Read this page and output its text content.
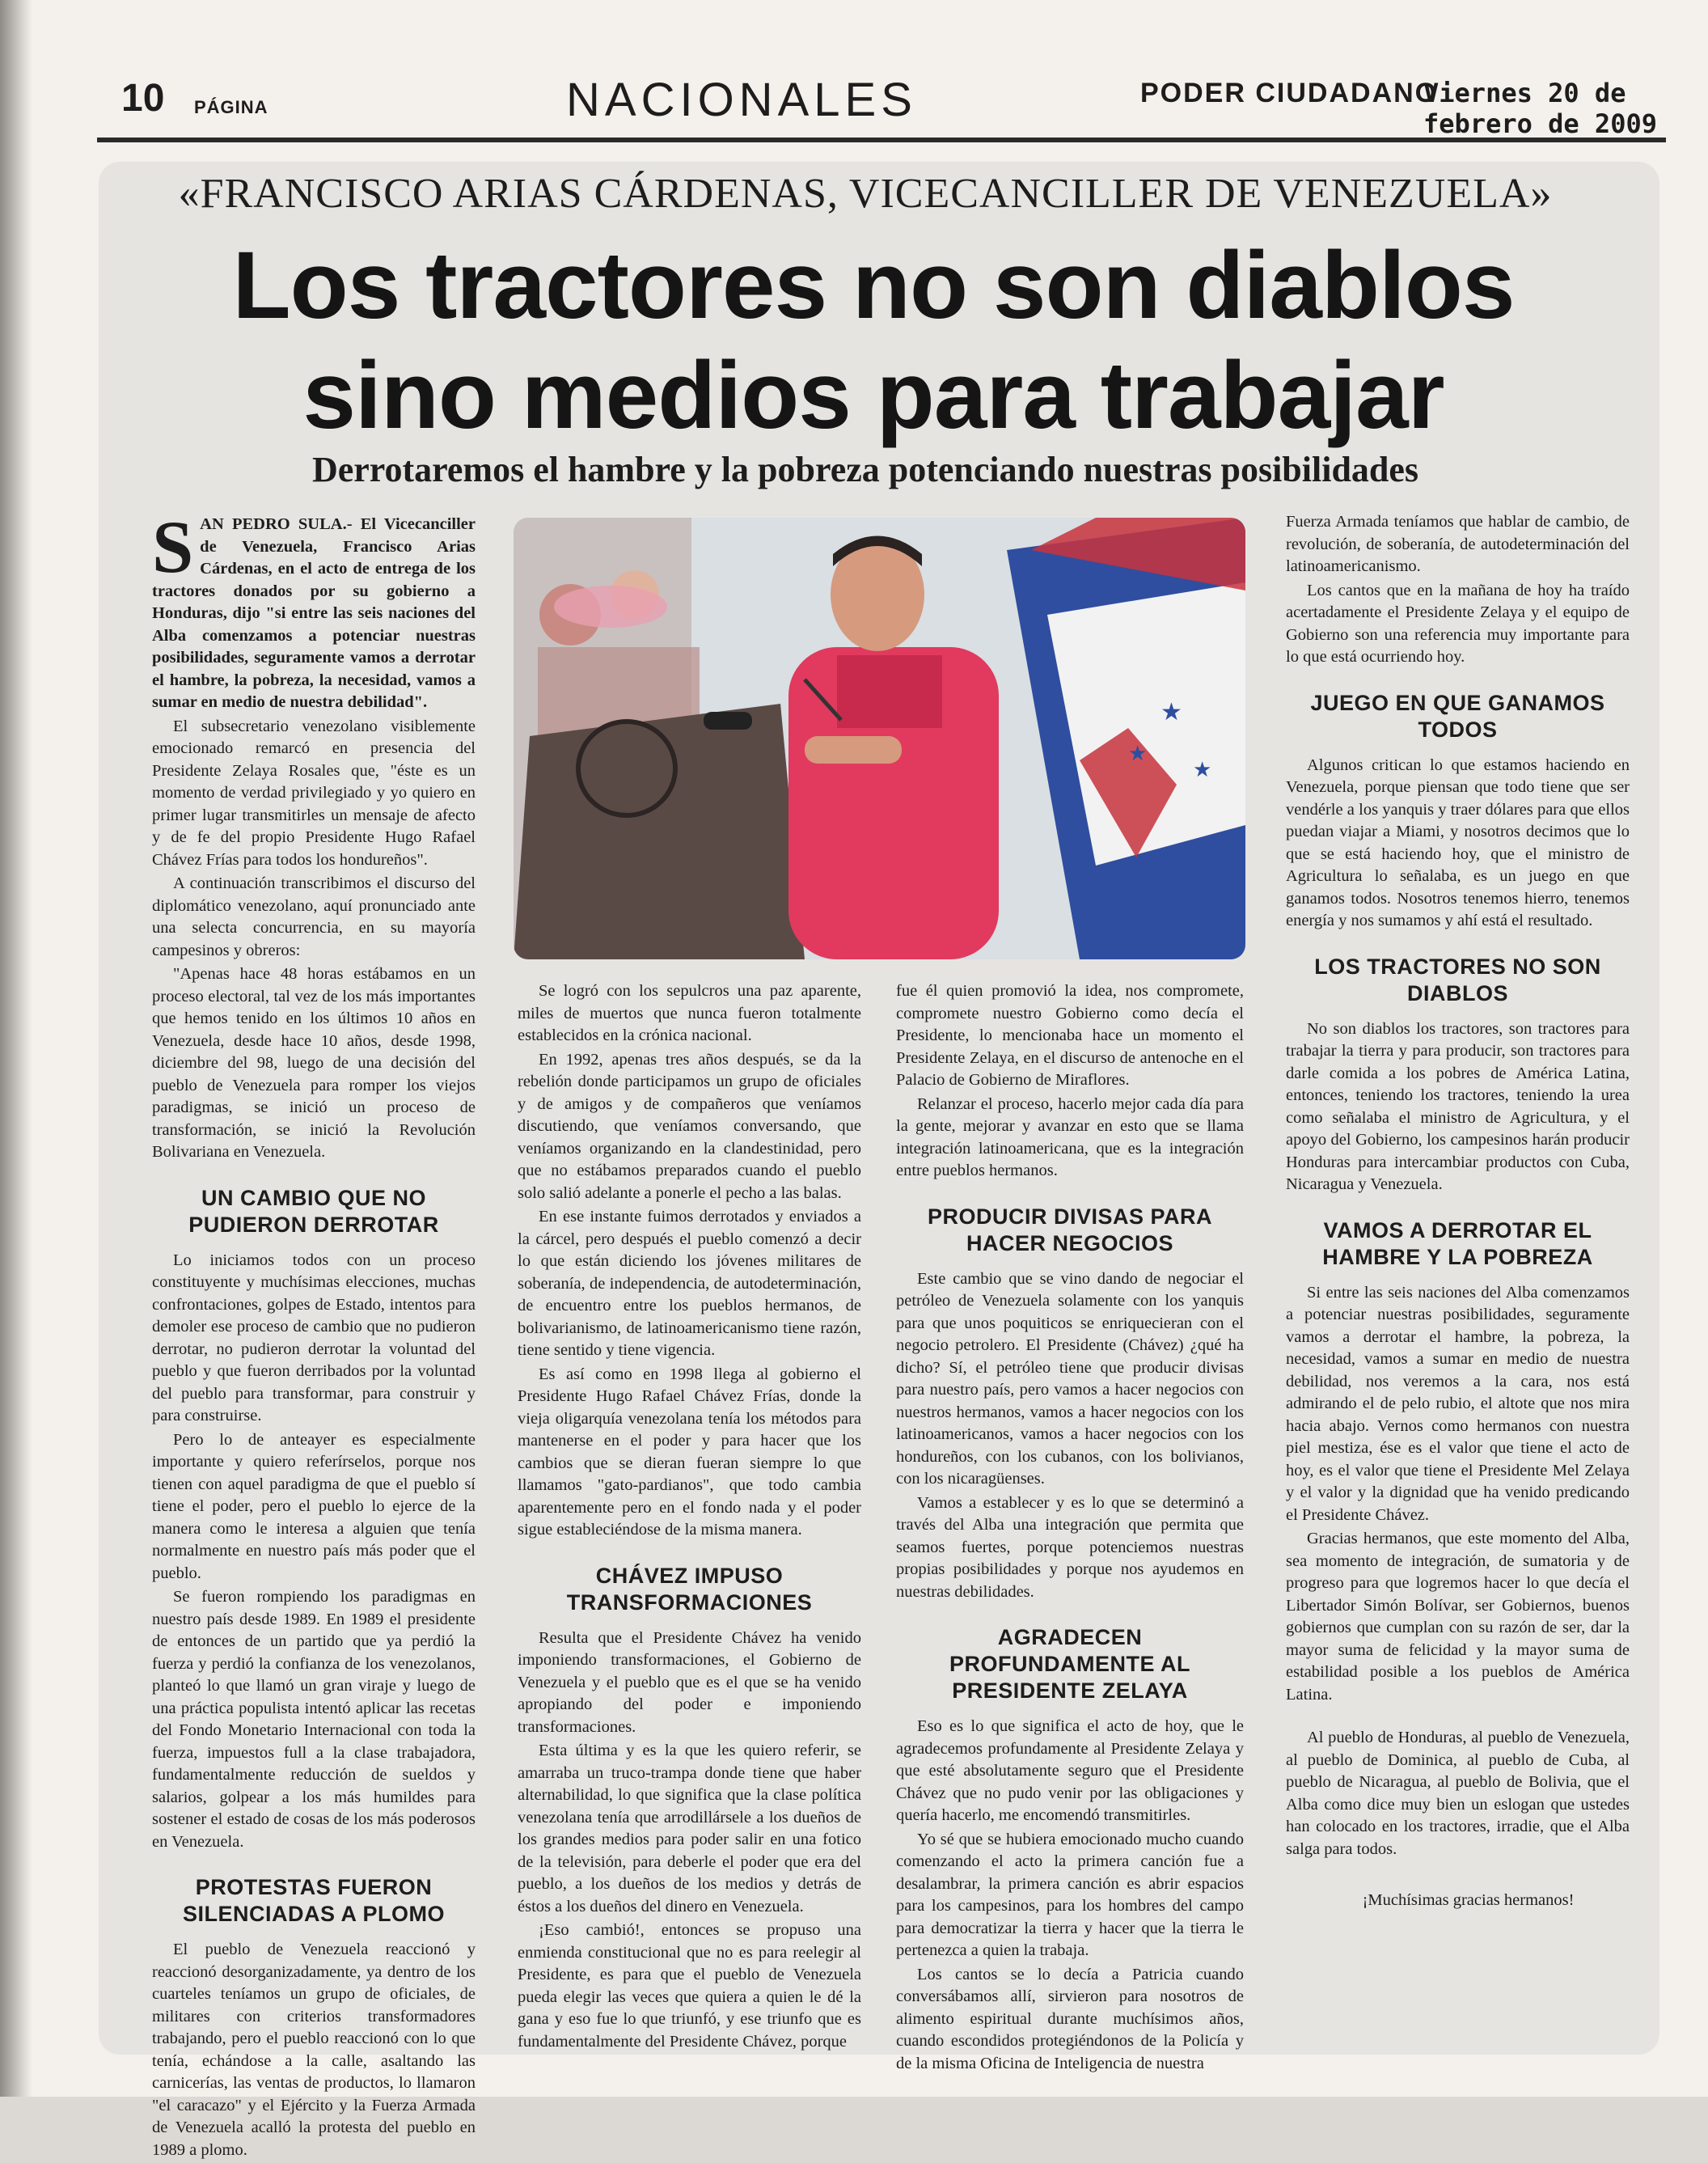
10 PÁGINA	NACIONALES	PODER CIUDADANO
Viernes 20 de febrero de 2009
«FRANCISCO ARIAS CÁRDENAS, VICECANCILLER DE VENEZUELA»
Los tractores no son diablos
sino medios para trabajar
Derrotaremos el hambre y la pobreza potenciando nuestras posibilidades

SAN PEDRO SULA.- El Vicecanciller de Venezuela, Francisco Arias Cárdenas, en el acto de entrega de los tractores donados por su gobierno a Honduras, dijo "si entre las seis naciones del Alba comenzamos a potenciar nuestras posibilidades, seguramente vamos a derrotar el hambre, la pobreza, la necesidad, vamos a sumar en medio de nuestra debilidad".

El subsecretario venezolano visiblemente emocionado remarcó en presencia del Presidente Zelaya Rosales que, "éste es un momento de verdad privilegiado y yo quiero en primer lugar transmitirles un mensaje de afecto y de fe del propio Presidente Hugo Rafael Chávez Frías para todos los hondureños".

A continuación transcribimos el discurso del diplomático venezolano, aquí pronunciado ante una selecta concurrencia, en su mayoría campesinos y obreros:

"Apenas hace 48 horas estábamos en un proceso electoral, tal vez de los más importantes que hemos tenido en los últimos 10 años en Venezuela, desde hace 10 años, desde 1998, diciembre del 98, luego de una decisión del pueblo de Venezuela para romper los viejos paradigmas, se inició un proceso de transformación, se inició la Revolución Bolivariana en Venezuela.

UN CAMBIO QUE NO PUDIERON DERROTAR

Lo iniciamos todos con un proceso constituyente y muchísimas elecciones, muchas confrontaciones, golpes de Estado, intentos para demoler ese proceso de cambio que no pudieron derrotar, no pudieron derrotar la voluntad del pueblo y que fueron derribados por la voluntad del pueblo para transformar, para construir y para construirse.

Pero lo de anteayer es especialmente importante y quiero referírselos, porque nos tienen con aquel paradigma de que el pueblo sí tiene el poder, pero el pueblo lo ejerce de la manera como le interesa a alguien que tenía normalmente en nuestro país más poder que el pueblo.

Se fueron rompiendo los paradigmas en nuestro país desde 1989. En 1989 el presidente de entonces de un partido que ya perdió la fuerza y perdió la confianza de los venezolanos, planteó lo que llamó un gran viraje y luego de una práctica populista intentó aplicar las recetas del Fondo Monetario Internacional con toda la fuerza, impuestos full a la clase trabajadora, fundamentalmente reducción de sueldos y salarios, golpear a los más humildes para sostener el estado de cosas de los más poderosos en Venezuela.

PROTESTAS FUERON SILENCIADAS A PLOMO

El pueblo de Venezuela reaccionó y reaccionó desorganizadamente, ya dentro de los cuarteles teníamos un grupo de oficiales, de militares con criterios transformadores trabajando, pero el pueblo reaccionó con lo que tenía, echándose a la calle, asaltando las carnicerías, las ventas de productos, lo llamaron "el caracazo" y el Ejército y la Fuerza Armada de Venezuela acalló la protesta del pueblo en 1989 a plomo.

★
★
★

Se logró con los sepulcros una paz aparente, miles de muertos que nunca fueron totalmente establecidos en la crónica nacional.

En 1992, apenas tres años después, se da la rebelión donde participamos un grupo de oficiales y de amigos y de compañeros que veníamos discutiendo, que veníamos conversando, que veníamos organizando en la clandestinidad, pero que no estábamos preparados cuando el pueblo solo salió adelante a ponerle el pecho a las balas.

En ese instante fuimos derrotados y enviados a la cárcel, pero después el pueblo comenzó a decir lo que están diciendo los jóvenes militares de soberanía, de independencia, de autodeterminación, de encuentro entre los pueblos hermanos, de bolivarianismo, de latinoamericanismo tiene razón, tiene sentido y tiene vigencia.

Es así como en 1998 llega al gobierno el Presidente Hugo Rafael Chávez Frías, donde la vieja oligarquía venezolana tenía los métodos para mantenerse en el poder y para hacer que los cambios que se dieran fueran siempre lo que llamamos "gato-pardianos", que todo cambia aparentemente pero en el fondo nada y el poder sigue estableciéndose de la misma manera.

CHÁVEZ IMPUSO TRANSFORMACIONES

Resulta que el Presidente Chávez ha venido imponiendo transformaciones, el Gobierno de Venezuela y el pueblo que es el que se ha venido apropiando del poder e imponiendo transformaciones.

Esta última y es la que les quiero referir, se amarraba un truco-trampa donde tiene que haber alternabilidad, lo que significa que la clase política venezolana tenía que arrodillársele a los dueños de los grandes medios para poder salir en una fotico de la televisión, para deberle el poder que era del pueblo, a los dueños de los medios y detrás de éstos a los dueños del dinero en Venezuela.

¡Eso cambió!, entonces se propuso una enmienda constitucional que no es para reelegir al Presidente, es para que el pueblo de Venezuela pueda elegir las veces que quiera a quien le dé la gana y eso fue lo que triunfó, y ese triunfo que es fundamentalmente del Presidente Chávez, porque

fue él quien promovió la idea, nos compromete, compromete nuestro Gobierno como decía el Presidente, lo mencionaba hace un momento el Presidente Zelaya, en el discurso de antenoche en el Palacio de Gobierno de Miraflores.

Relanzar el proceso, hacerlo mejor cada día para la gente, mejorar y avanzar en esto que se llama integración latinoamericana, que es la integración entre pueblos hermanos.

PRODUCIR DIVISAS PARA HACER NEGOCIOS

Este cambio que se vino dando de negociar el petróleo de Venezuela solamente con los yanquis para que unos poquiticos se enriquecieran con el negocio petrolero. El Presidente (Chávez) ¿qué ha dicho? Sí, el petróleo tiene que producir divisas para nuestro país, pero vamos a hacer negocios con nuestros hermanos, vamos a hacer negocios con los latinoamericanos, vamos a hacer negocios con los hondureños, con los cubanos, con los bolivianos, con los nicaragüenses.

Vamos a establecer y es lo que se determinó a través del Alba una integración que permita que seamos fuertes, porque potenciemos nuestras propias posibilidades y porque nos ayudemos en nuestras debilidades.

AGRADECEN PROFUNDAMENTE AL PRESIDENTE ZELAYA

Eso es lo que significa el acto de hoy, que le agradecemos profundamente al Presidente Zelaya y que esté absolutamente seguro que el Presidente Chávez que no pudo venir por las obligaciones y quería hacerlo, me encomendó transmitirles.

Yo sé que se hubiera emocionado mucho cuando comenzando el acto la primera canción fue a desalambrar, la primera canción es abrir espacios para los campesinos, para los hombres del campo para democratizar la tierra y hacer que la tierra le pertenezca a quien la trabaja.

Los cantos se lo decía a Patricia cuando conversábamos allí, sirvieron para nosotros de alimento espiritual durante muchísimos años, cuando escondidos protegiéndonos de la Policía y de la misma Oficina de Inteligencia de nuestra

Fuerza Armada teníamos que hablar de cambio, de revolución, de soberanía, de autodeterminación del latinoamericanismo.

Los cantos que en la mañana de hoy ha traído acertadamente el Presidente Zelaya y el equipo de Gobierno son una referencia muy importante para lo que está ocurriendo hoy.

JUEGO EN QUE GANAMOS TODOS

Algunos critican lo que estamos haciendo en Venezuela, porque piensan que todo tiene que ser vendérle a los yanquis y traer dólares para que ellos puedan viajar a Miami, y nosotros decimos que lo que se está haciendo hoy, que el ministro de Agricultura lo señalaba, es un juego en que ganamos todos. Nosotros tenemos hierro, tenemos energía y nos sumamos y ahí está el resultado.

LOS TRACTORES NO SON DIABLOS

No son diablos los tractores, son tractores para trabajar la tierra y para producir, son tractores para darle comida a los pobres de América Latina, entonces, teniendo los tractores, teniendo la urea como señalaba el ministro de Agricultura, y el apoyo del Gobierno, los campesinos harán producir Honduras para intercambiar productos con Cuba, Nicaragua y Venezuela.

VAMOS A DERROTAR EL HAMBRE Y LA POBREZA

Si entre las seis naciones del Alba comenzamos a potenciar nuestras posibilidades, seguramente vamos a derrotar el hambre, la pobreza, la necesidad, vamos a sumar en medio de nuestra debilidad, nos veremos a la cara, nos está admirando el de pelo rubio, el altote que nos mira hacia abajo. Vernos como hermanos con nuestra piel mestiza, ése es el valor que tiene el acto de hoy, es el valor que tiene el Presidente Mel Zelaya y el valor y la dignidad que ha venido predicando el Presidente Chávez.

Gracias hermanos, que este momento del Alba, sea momento de integración, de sumatoria y de progreso para que logremos hacer lo que decía el Libertador Simón Bolívar, ser Gobiernos, buenos gobiernos que cumplan con su razón de ser, dar la mayor suma de felicidad y la mayor suma de estabilidad posible a los pueblos de América Latina.

Al pueblo de Honduras, al pueblo de Venezuela, al pueblo de Dominica, al pueblo de Cuba, al pueblo de Nicaragua, al pueblo de Bolivia, que el Alba como dice muy bien un eslogan que ustedes han colocado en los tractores, irradie, que el Alba salga para todos.

¡Muchísimas gracias hermanos!
